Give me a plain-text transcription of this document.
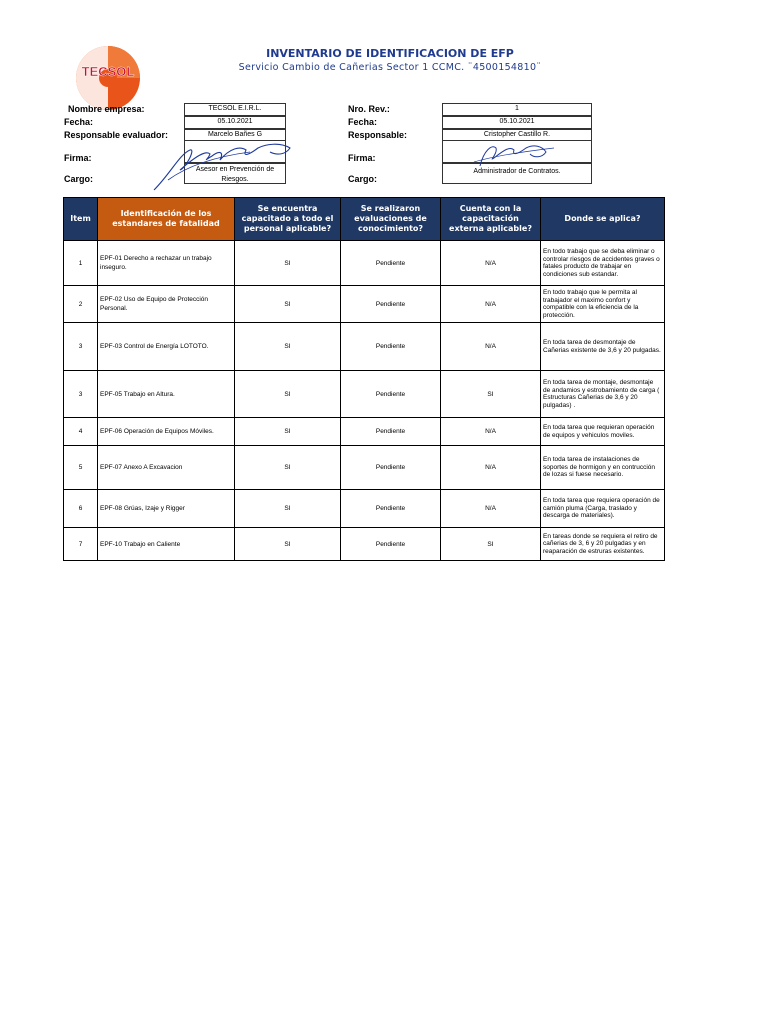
TECSOL
INVENTARIO DE IDENTIFICACION DE EFP
Servicio Cambio de Cañerias Sector 1 CCMC. ¨4500154810¨
Nombre empresa:	TECSOL E.I.R.L.
Fecha:	05.10.2021
Responsable evaluador:	Marcelo Bañes G
Firma:
Cargo:
Asesor en Prevención de Riesgos.
Nro. Rev.:	1
Fecha:	05.10.2021
Responsable:	Cristopher Castillo R.
Firma:
Cargo:
Administrador de Contratos.
Item	Identificación de los estandares de fatalidad	Se encuentra capacitado a todo el personal aplicable?	Se realizaron evaluaciones de conocimiento?	Cuenta con la capacitación externa aplicable?	Donde se aplica?
1	EPF-01 Derecho a rechazar un trabajo inseguro.	SI	Pendiente	N/A	En todo trabajo que se deba eliminar o controlar riesgos de accidentes graves o fatales producto de trabajar en condiciones sub estandar.
2	EPF-02 Uso de Equipo de Protección Personal.	SI	Pendiente	N/A	En todo trabajo que le permita al trabajador el maximo confort y compatible con la eficiencia de la protección.
3	EPF-03 Control de Energía LOTOTO.	SI	Pendiente	N/A	En toda tarea de desmontaje de Cañerias existente de 3,6 y 20 pulgadas.
3	EPF-05 Trabajo en Altura.	SI	Pendiente	SI	En toda tarea de montaje, desmontaje de andamios y estrobamiento de carga ( Estructuras Cañerias de 3,6 y 20 pulgadas) .
4	EPF-06 Operación de Equipos Móviles.	SI	Pendiente	N/A	En toda tarea que requieran operación de equipos y vehiculos moviles.
5	EPF-07 Anexo A Excavacion	SI	Pendiente	N/A	En toda tarea de instalaciones de soportes de hormigon y en contrucción de lozas si fuese necesario.
6	EPF-08 Grúas, Izaje y Rigger	SI	Pendiente	N/A	En toda tarea que requiera operación de camión pluma (Carga, traslado y descarga de materiales).
7	EPF-10 Trabajo en Caliente	SI	Pendiente	SI	En tareas donde se requiera el retiro de cañerias de 3, 6 y 20 pulgadas y en reaparación de estruras existentes.
